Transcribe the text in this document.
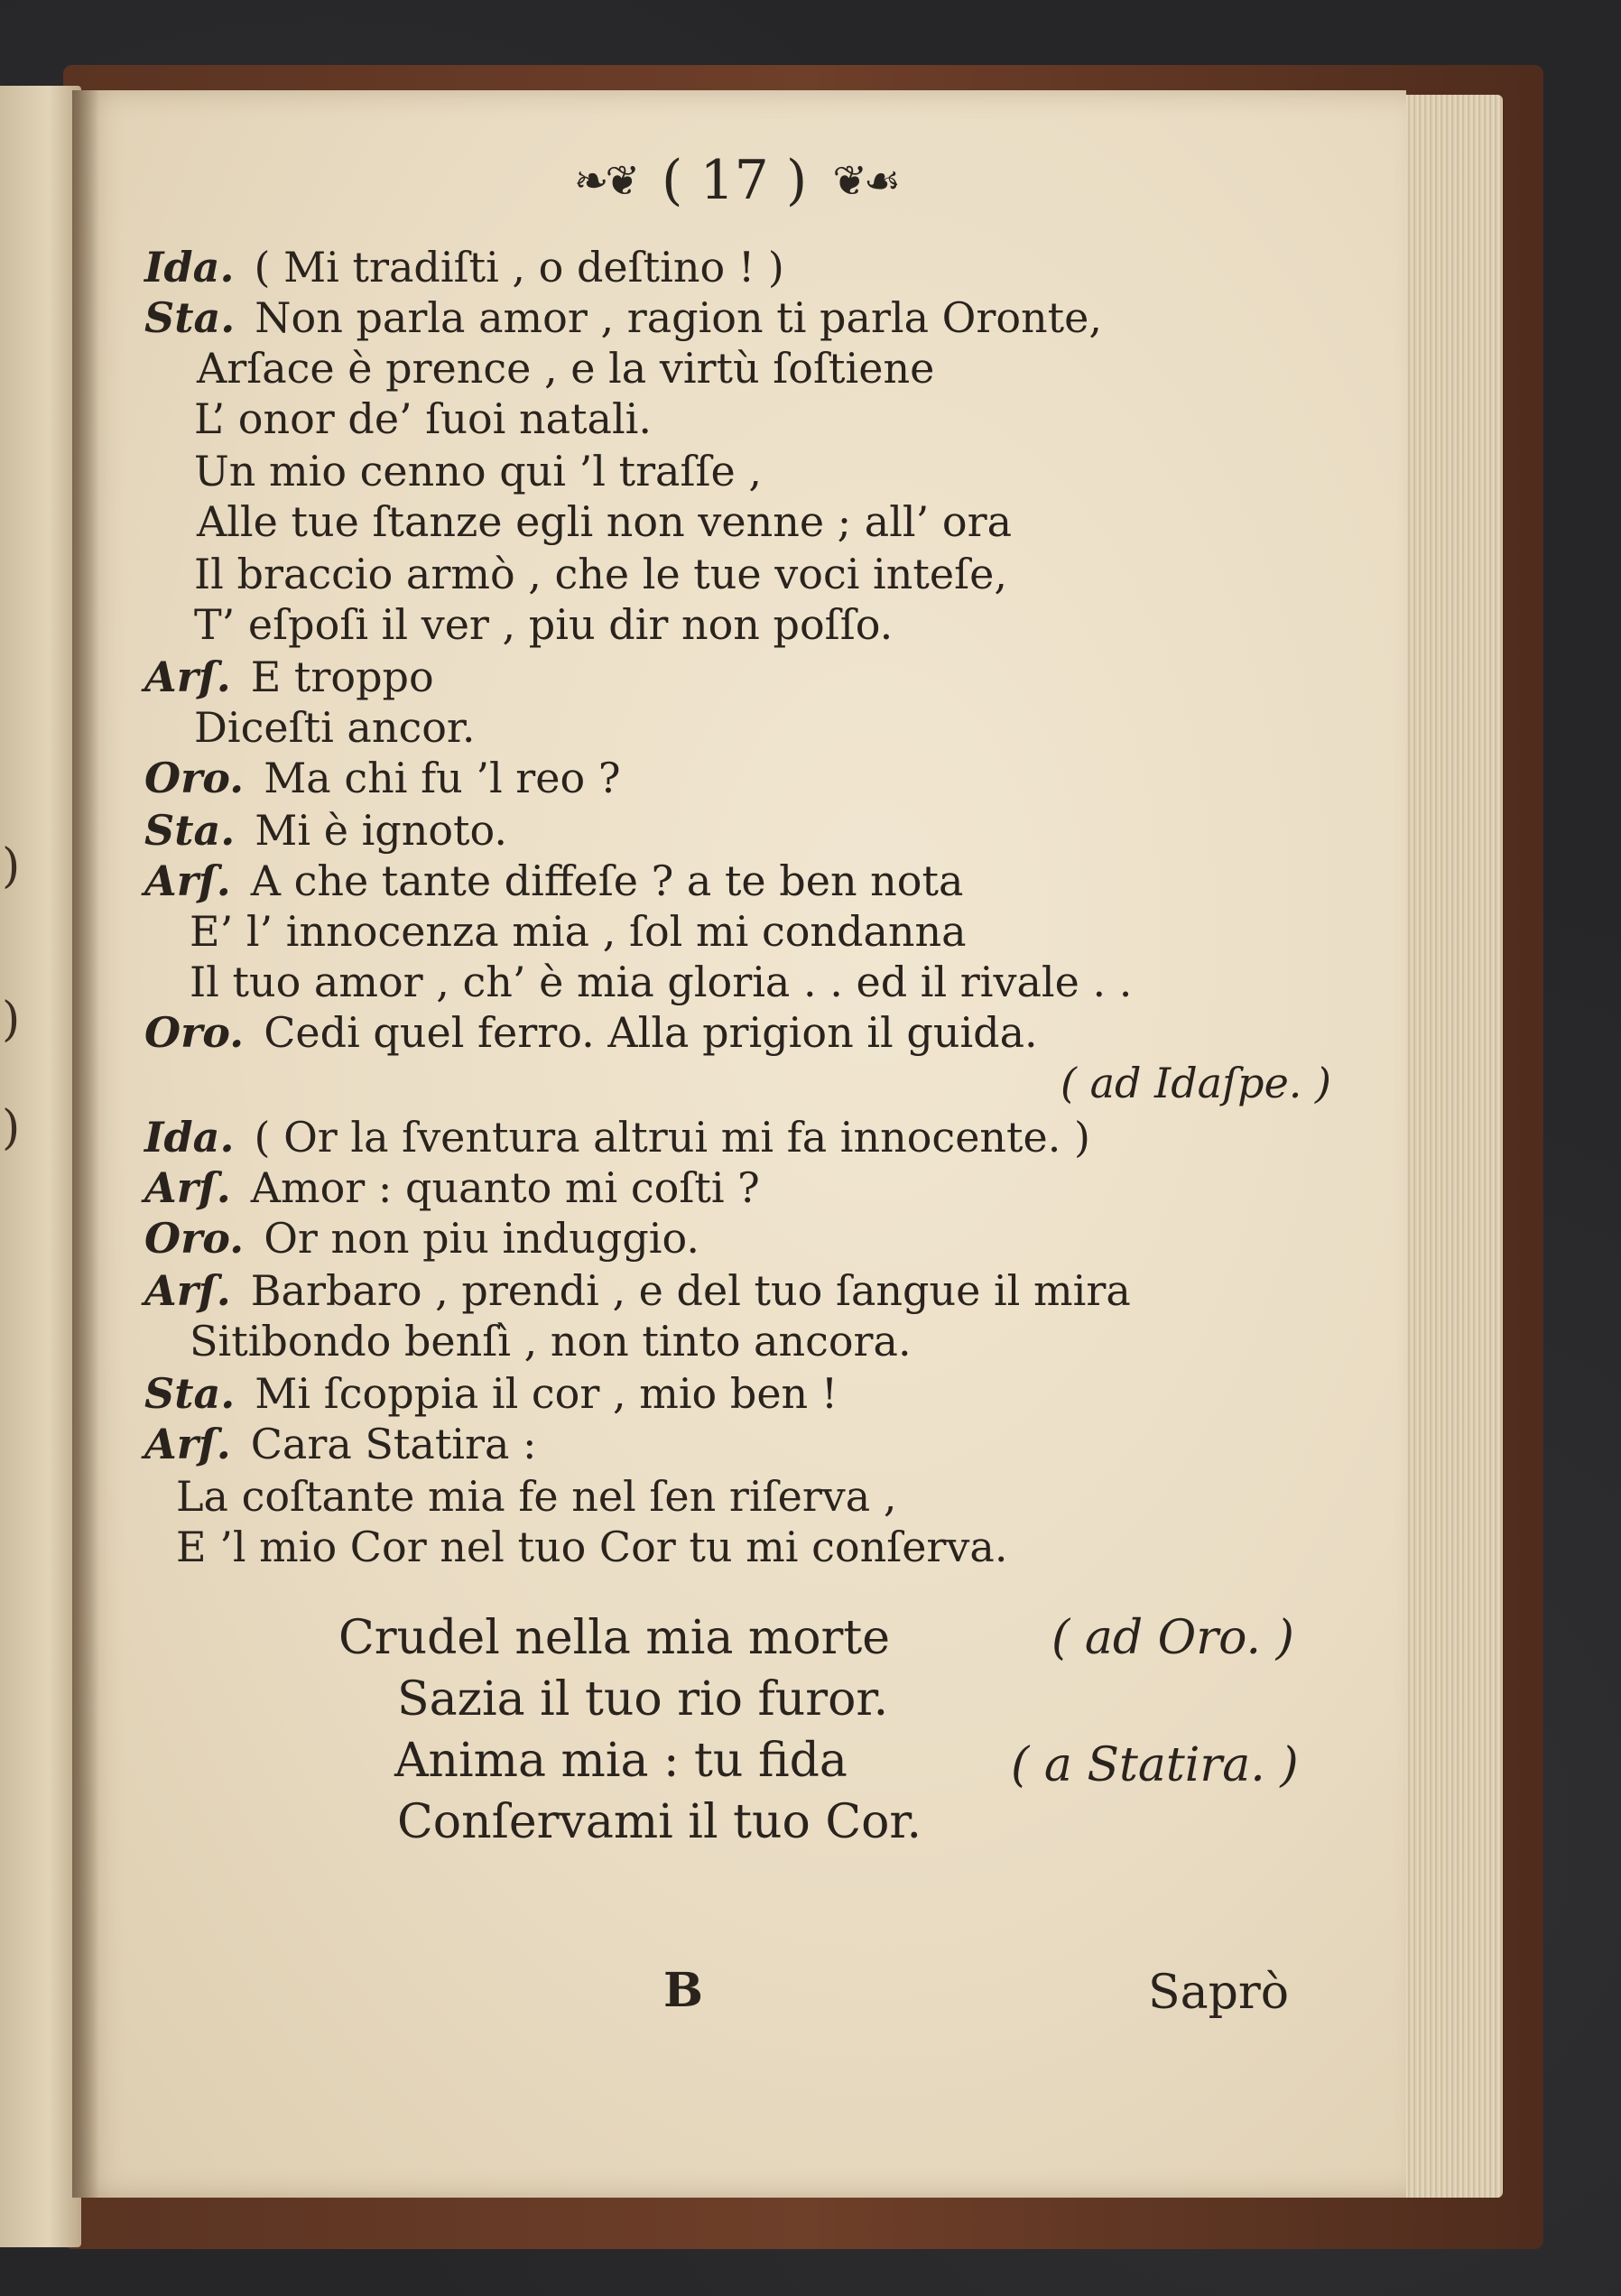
)
)
)
❧❦ ( 17 ) ❦☙
Ida. ( Mi tradiſti , o deſtino ! )
Sta. Non parla amor , ragion ti parla Oronte,
Arſace è prence , e la virtù ſoſtiene
L’ onor de’ ſuoi natali.
Un mio cenno qui ’l traſſe ,
Alle tue ſtanze egli non venne ; all’ ora
Il braccio armò , che le tue voci inteſe,
T’ eſpoſi il ver , piu dir non poſſo.
Arſ. E troppo
Diceſti ancor.
Oro. Ma chi fu ’l reo ?
Sta. Mi è ignoto.
Arſ. A che tante diffeſe ? a te ben nota
E’ l’ innocenza mia , ſol mi condanna
Il tuo amor , ch’ è mia gloria . . ed il rivale . .
Oro. Cedi quel ferro. Alla prigion il guida.
( ad Idaſpe. )
Ida. ( Or la ſventura altrui mi fa innocente. )
Arſ. Amor : quanto mi coſti ?
Oro. Or non piu induggio.
Arſ. Barbaro , prendi , e del tuo ſangue il mira
Sitibondo benſì , non tinto ancora.
Sta. Mi ſcoppia il cor , mio ben !
Arſ. Cara Statira :
La coſtante mia fe nel ſen riſerva ,
E ’l mio Cor nel tuo Cor tu mi conſerva.
Crudel nella mia morte	( ad Oro. )
Sazia il tuo rio furor.
Anima mia : tu fida	( a Statira. )
Conſervami il tuo Cor.
B	Saprò
